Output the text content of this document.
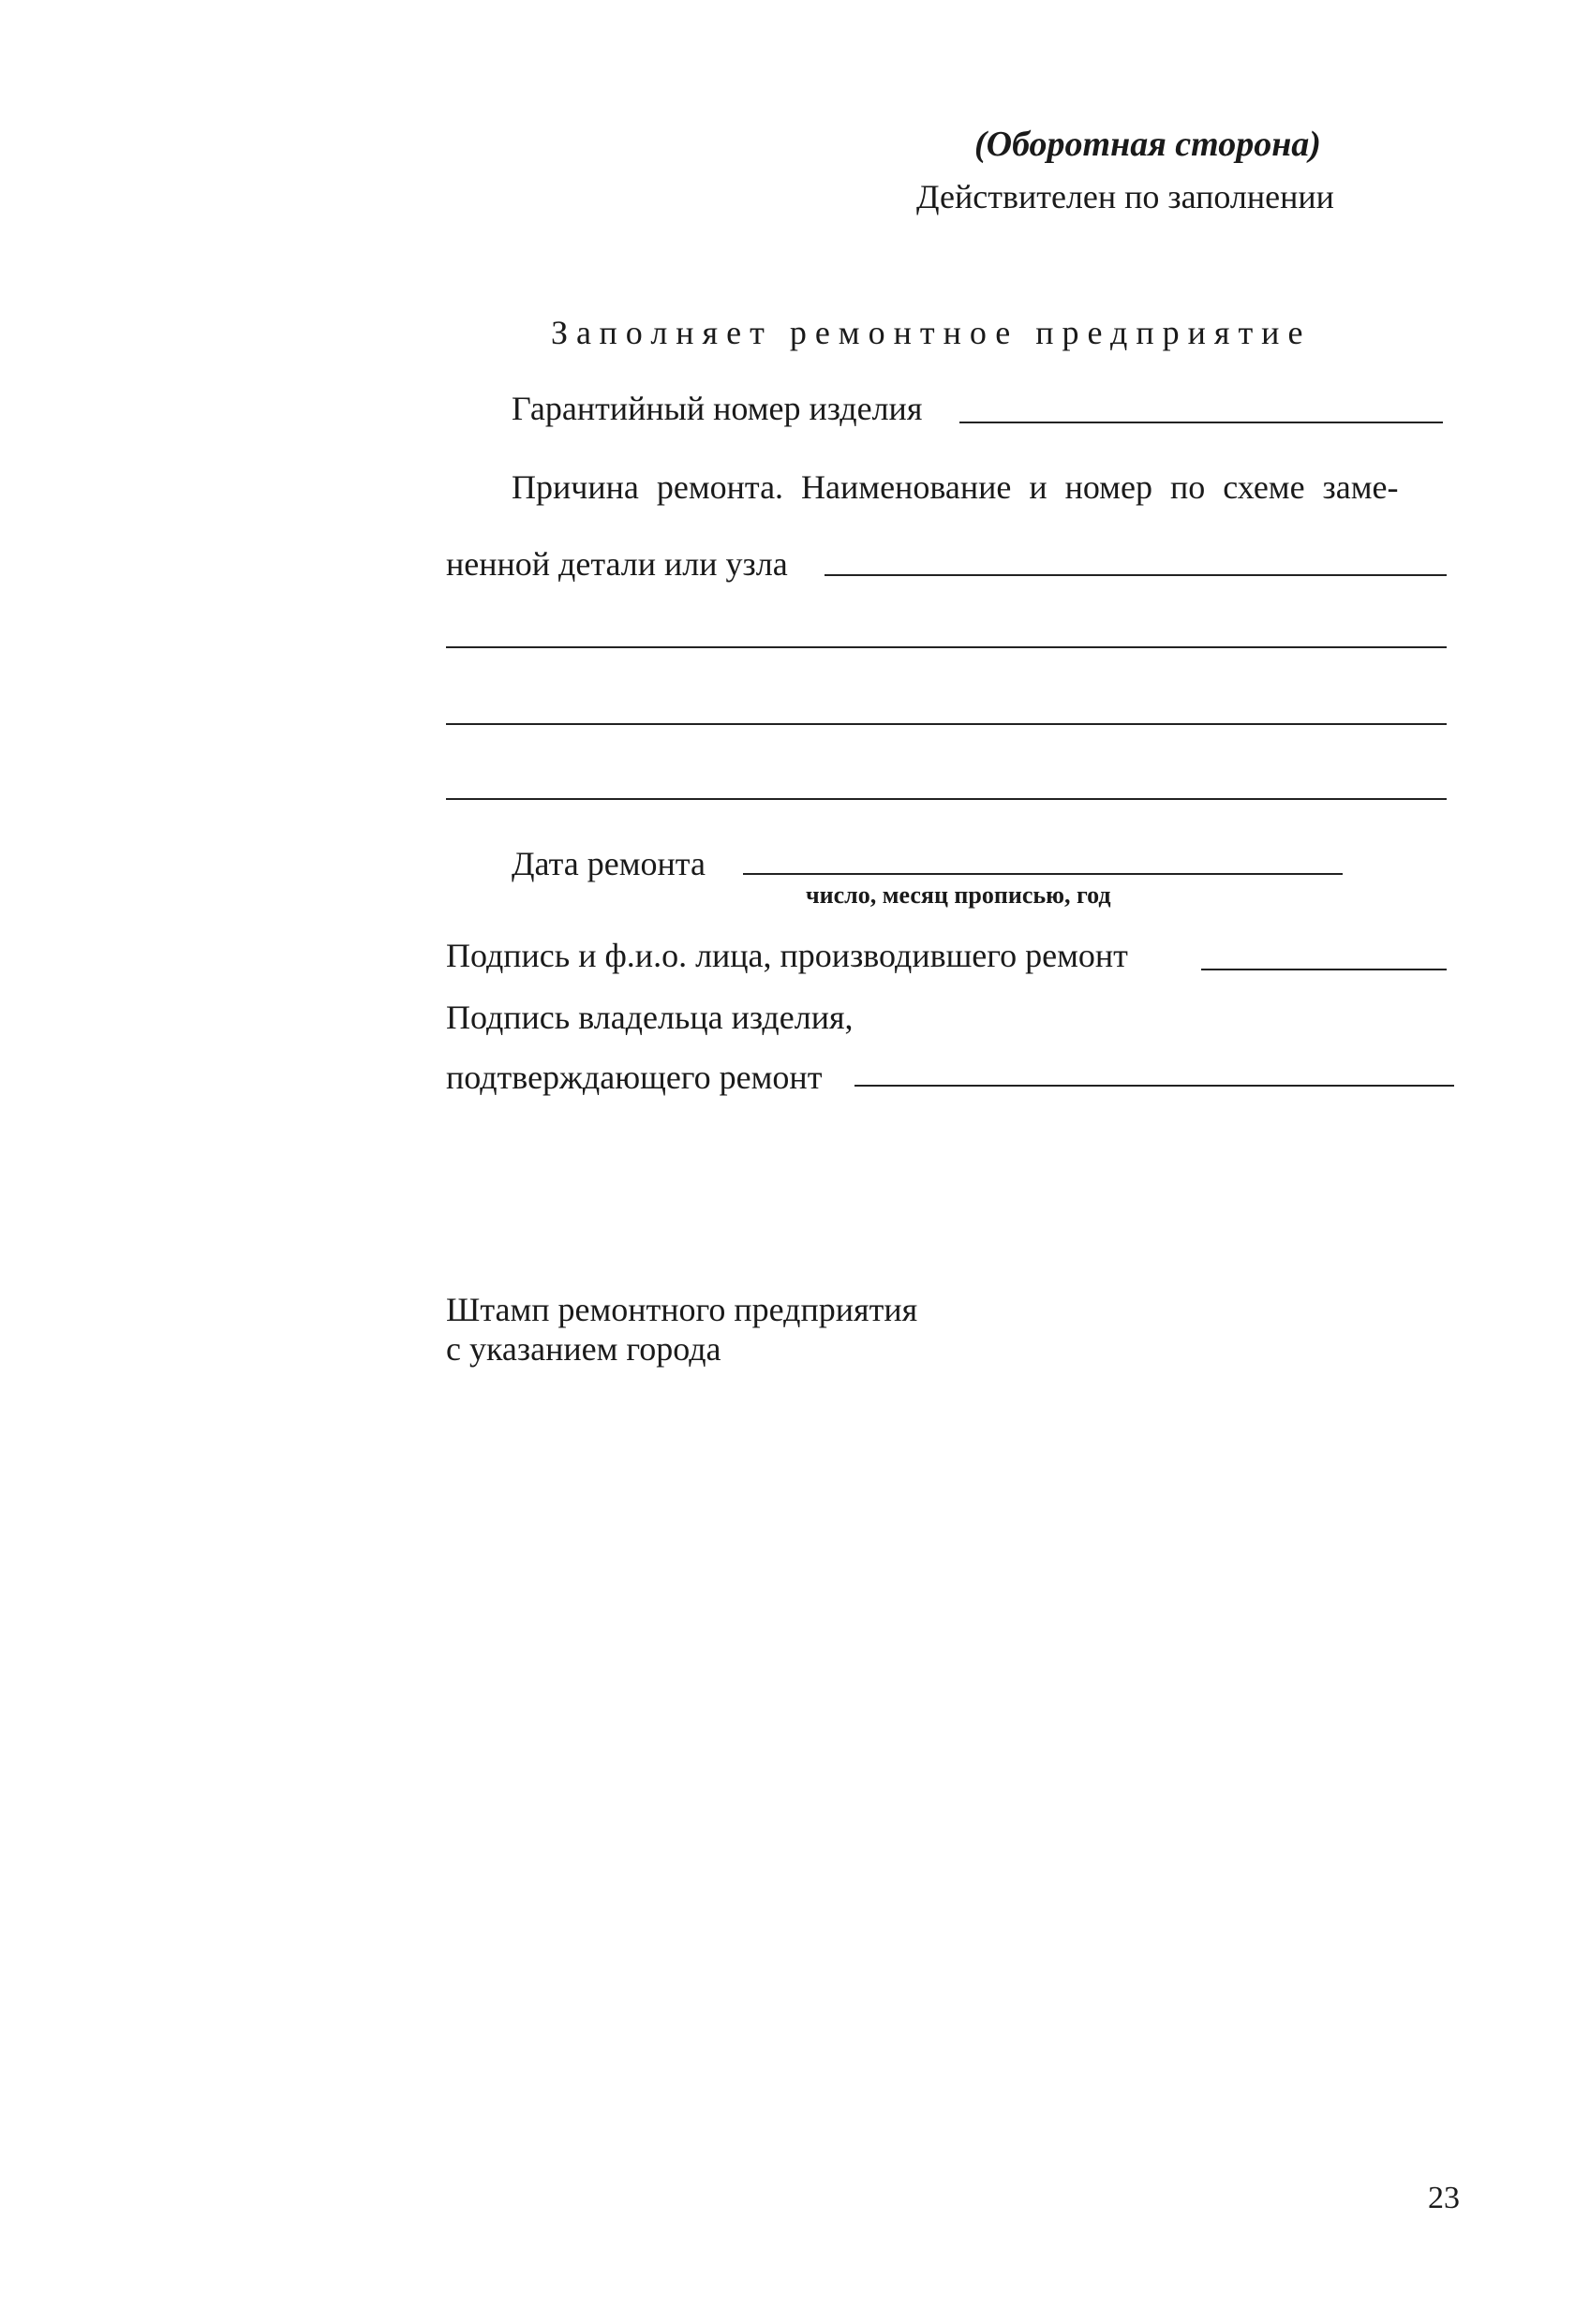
(Оборотная сторона)
Действителен по заполнении
Заполняет ремонтное предприятие
Гарантийный номер изделия
Причина ремонта. Наименование и номер по схеме заме-
ненной детали или узла
Дата ремонта
число, месяц прописью, год
Подпись и ф.и.о. лица, производившего ремонт
Подпись владельца изделия,
подтверждающего ремонт
Штамп ремонтного предприятия
с указанием города
23
